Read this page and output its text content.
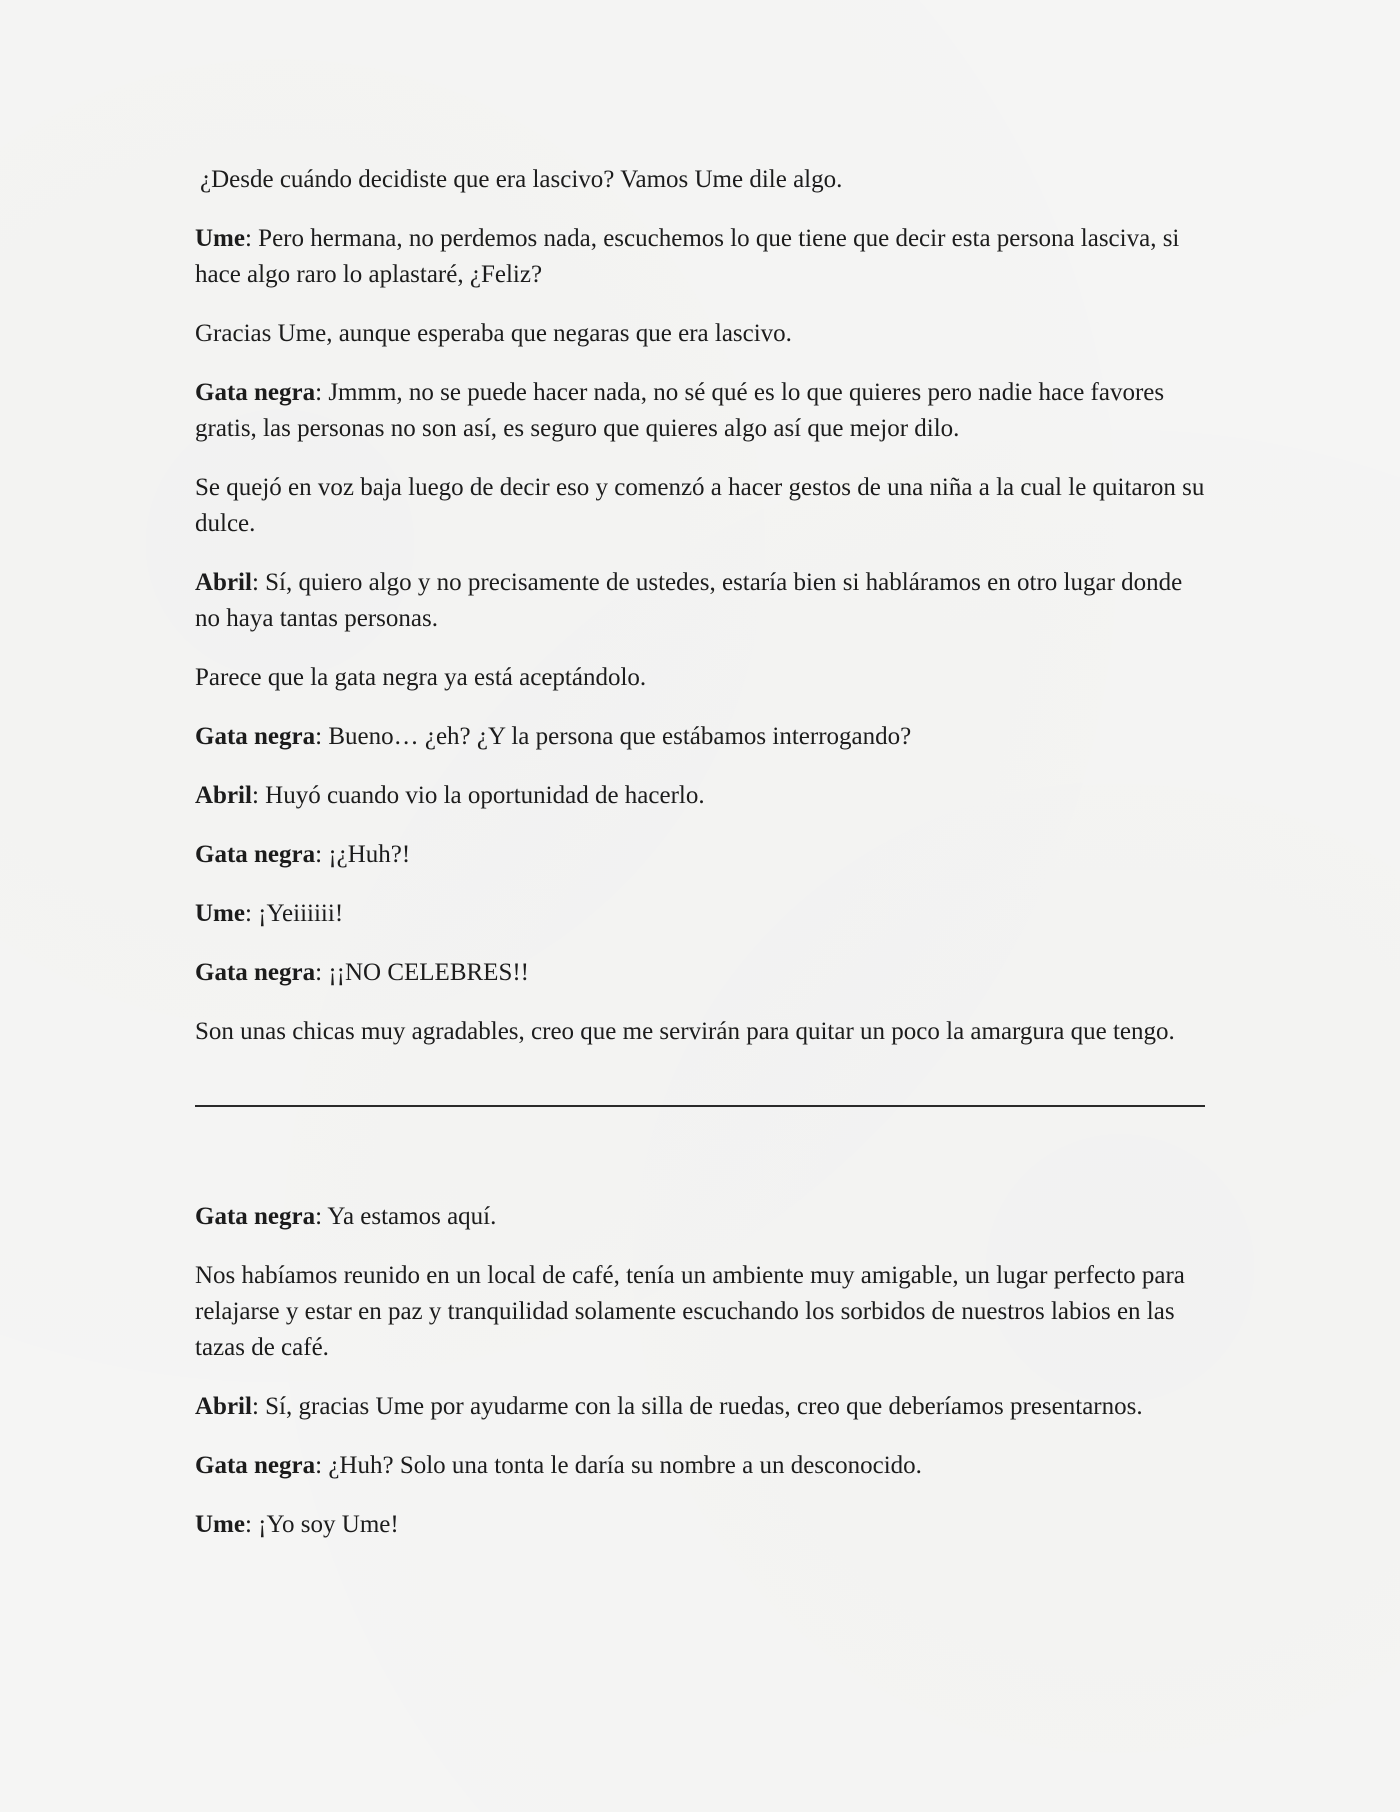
¿Desde cuándo decidiste que era lascivo? Vamos Ume dile algo.

Ume: Pero hermana, no perdemos nada, escuchemos lo que tiene que decir esta persona lasciva, si hace algo raro lo aplastaré, ¿Feliz?

Gracias Ume, aunque esperaba que negaras que era lascivo.

Gata negra: Jmmm, no se puede hacer nada, no sé qué es lo que quieres pero nadie hace favores gratis, las personas no son así, es seguro que quieres algo así que mejor dilo.

Se quejó en voz baja luego de decir eso y comenzó a hacer gestos de una niña a la cual le quitaron su dulce.

Abril: Sí, quiero algo y no precisamente de ustedes, estaría bien si habláramos en otro lugar donde no haya tantas personas.

Parece que la gata negra ya está aceptándolo.

Gata negra: Bueno… ¿eh? ¿Y la persona que estábamos interrogando?

Abril: Huyó cuando vio la oportunidad de hacerlo.

Gata negra: ¡¿Huh?!

Ume: ¡Yeiiiiii!

Gata negra: ¡¡NO CELEBRES!!

Son unas chicas muy agradables, creo que me servirán para quitar un poco la amargura que tengo.

Gata negra: Ya estamos aquí.

Nos habíamos reunido en un local de café, tenía un ambiente muy amigable, un lugar perfecto para relajarse y estar en paz y tranquilidad solamente escuchando los sorbidos de nuestros labios en las tazas de café.

Abril: Sí, gracias Ume por ayudarme con la silla de ruedas, creo que deberíamos presentarnos.

Gata negra: ¿Huh? Solo una tonta le daría su nombre a un desconocido.

Ume: ¡Yo soy Ume!
